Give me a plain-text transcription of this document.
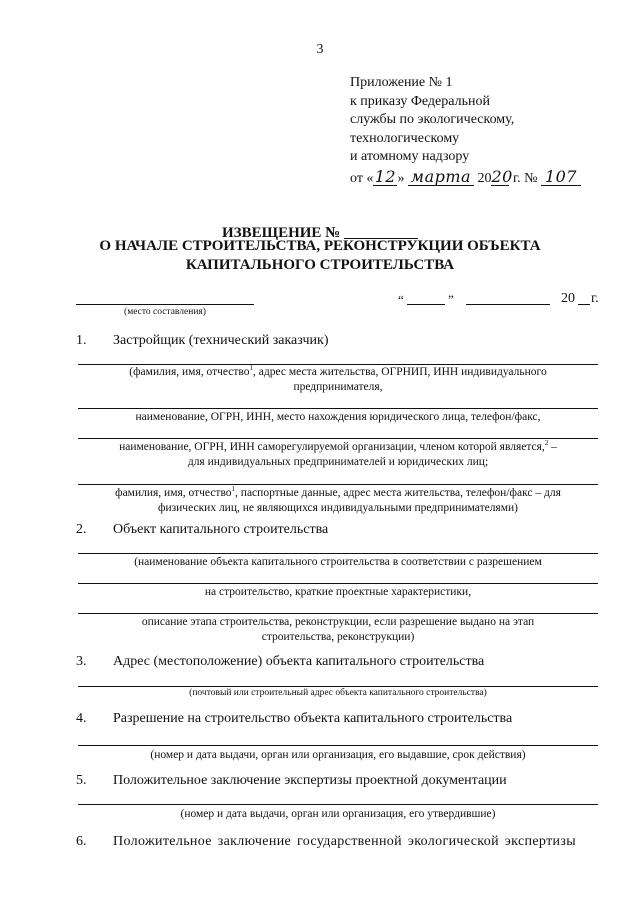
3
Приложение № 1
к приказу Федеральной
службы по экологическому,
технологическому
и атомному надзору
от «12» марта 2020 г. № 107
ИЗВЕЩЕНИЕ №
О НАЧАЛЕ СТРОИТЕЛЬСТВА, РЕКОНСТРУКЦИИ ОБЪЕКТА
КАПИТАЛЬНОГО СТРОИТЕЛЬСТВА
(место составления)
“	”	20 г.
1. Застройщик (технический заказчик)
(фамилия, имя, отчество$^1$, адрес места жительства, ОГРНИП, ИНН индивидуального
предпринимателя,
наименование, ОГРН, ИНН, место нахождения юридического лица, телефон/факс,
наименование, ОГРН, ИНН саморегулируемой организации, членом которой является,$^2$ –
для индивидуальных предпринимателей и юридических лиц;
фамилия, имя, отчество$^1$, паспортные данные, адрес места жительства, телефон/факс – для
физических лиц, не являющихся индивидуальными предпринимателями)
2. Объект капитального строительства
(наименование объекта капитального строительства в соответствии с разрешением
на строительство, краткие проектные характеристики,
описание этапа строительства, реконструкции, если разрешение выдано на этап
строительства, реконструкции)
3. Адрес (местоположение) объекта капитального строительства
(почтовый или строительный адрес объекта капитального строительства)
4. Разрешение на строительство объекта капитального строительства
(номер и дата выдачи, орган или организация, его выдавшие, срок действия)
5. Положительное заключение экспертизы проектной документации
(номер и дата выдачи, орган или организация, его утвердившие)
6. Положительное заключение государственной экологической экспертизы
